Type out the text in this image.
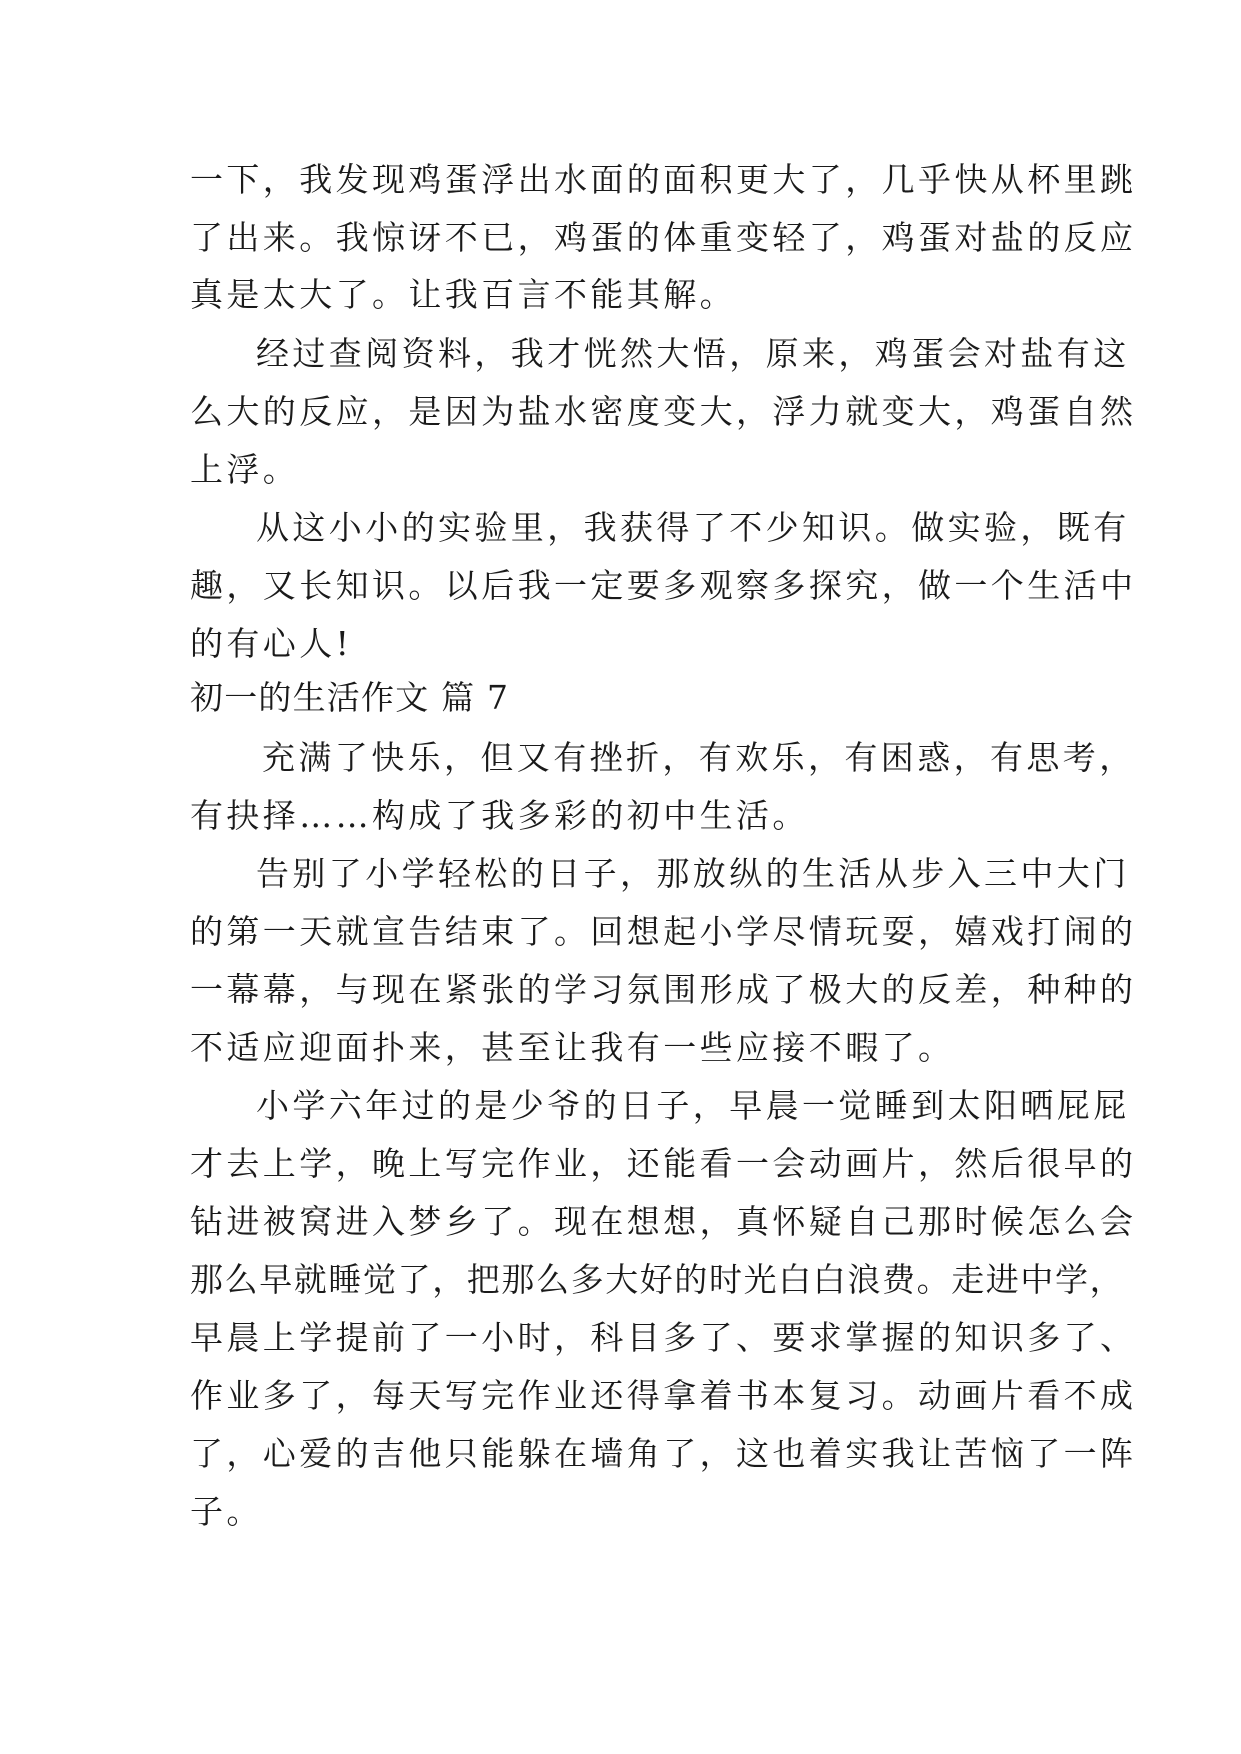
一下，我发现鸡蛋浮出水面的面积更大了，几乎快从杯里跳
了出来。我惊讶不已，鸡蛋的体重变轻了，鸡蛋对盐的反应
真是太大了。让我百言不能其解。
经过查阅资料，我才恍然大悟，原来，鸡蛋会对盐有这
么大的反应，是因为盐水密度变大，浮力就变大，鸡蛋自然
上浮。
从这小小的实验里，我获得了不少知识。做实验，既有
趣，又长知识。以后我一定要多观察多探究，做一个生活中
的有心人!
初一的生活作文 篇 7
充满了快乐，但又有挫折，有欢乐，有困惑，有思考，
有抉择……构成了我多彩的初中生活。
告别了小学轻松的日子，那放纵的生活从步入三中大门
的第一天就宣告结束了。回想起小学尽情玩耍，嬉戏打闹的
一幕幕，与现在紧张的学习氛围形成了极大的反差，种种的
不适应迎面扑来，甚至让我有一些应接不暇了。
小学六年过的是少爷的日子，早晨一觉睡到太阳晒屁屁
才去上学，晚上写完作业，还能看一会动画片，然后很早的
钻进被窝进入梦乡了。现在想想，真怀疑自己那时候怎么会
那么早就睡觉了，把那么多大好的时光白白浪费。走进中学，
早晨上学提前了一小时，科目多了、要求掌握的知识多了、
作业多了，每天写完作业还得拿着书本复习。动画片看不成
了，心爱的吉他只能躲在墙角了，这也着实我让苦恼了一阵
子。
